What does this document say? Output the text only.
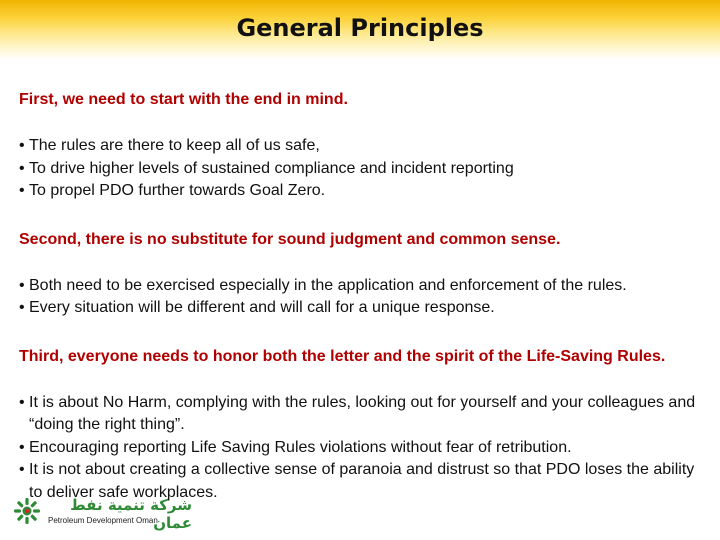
General Principles

First, we need to start with the end in mind.

• The rules are there to keep all of us safe,

• To drive higher levels of sustained compliance and incident reporting

• To propel PDO further towards Goal Zero.

Second, there is no substitute for sound judgment and common sense.

• Both need to be exercised especially in the application and enforcement of the rules.

• Every situation will be different and will call for a unique response.

Third, everyone needs to honor both the letter and the spirit of the Life-Saving Rules.

• It is about No Harm, complying with the rules, looking out for yourself and your colleagues and “doing the right thing”.

• Encouraging reporting Life Saving Rules violations without fear of retribution.

• It is not about creating a collective sense of paranoia and distrust so that PDO loses the ability to deliver safe workplaces.

شركة تنمية نفط عمان
Petroleum Development Oman
